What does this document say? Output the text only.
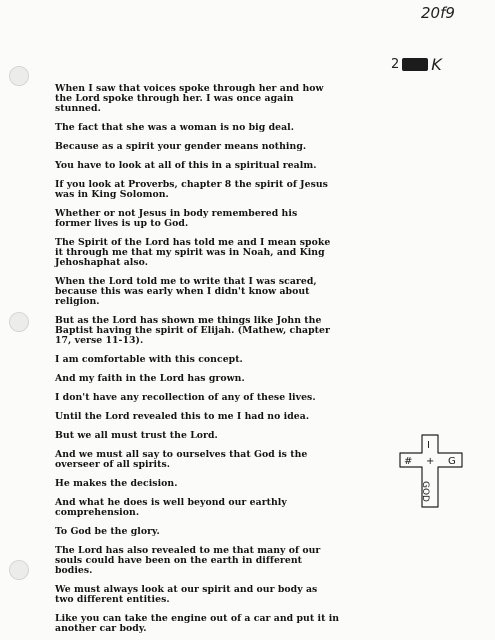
20f9
2 K

When I saw that voices spoke through her and how
the Lord spoke through her. I was once again
stunned.

The fact that she was a woman is no big deal.

Because as a spirit your gender means nothing.

You have to look at all of this in a spiritual realm.

If you look at Proverbs, chapter 8 the spirit of Jesus
was in King Solomon.

Whether or not Jesus in body remembered his
former lives is up to God.

The Spirit of the Lord has told me and I mean spoke
it through me that my spirit was in Noah, and King
Jehoshaphat also.

When the Lord told me to write that I was scared,
because this was early when I didn't know about
religion.

But as the Lord has shown me things like John the
Baptist having the spirit of Elijah. (Mathew, chapter
17, verse 11-13).

I am comfortable with this concept.

And my faith in the Lord has grown.

I don't have any recollection of any of these lives.

Until the Lord revealed this to me I had no idea.

But we all must trust the Lord.

And we must all say to ourselves that God is the
overseer of all spirits.

He makes the decision.

And what he does is well beyond our earthly
comprehension.

To God be the glory.

The Lord has also revealed to me that many of our
souls could have been on the earth in different
bodies.

We must always look at our spirit and our body as
two different entities.

Like you can take the engine out of a car and put it in
another car body.

I
# + G
GOD
